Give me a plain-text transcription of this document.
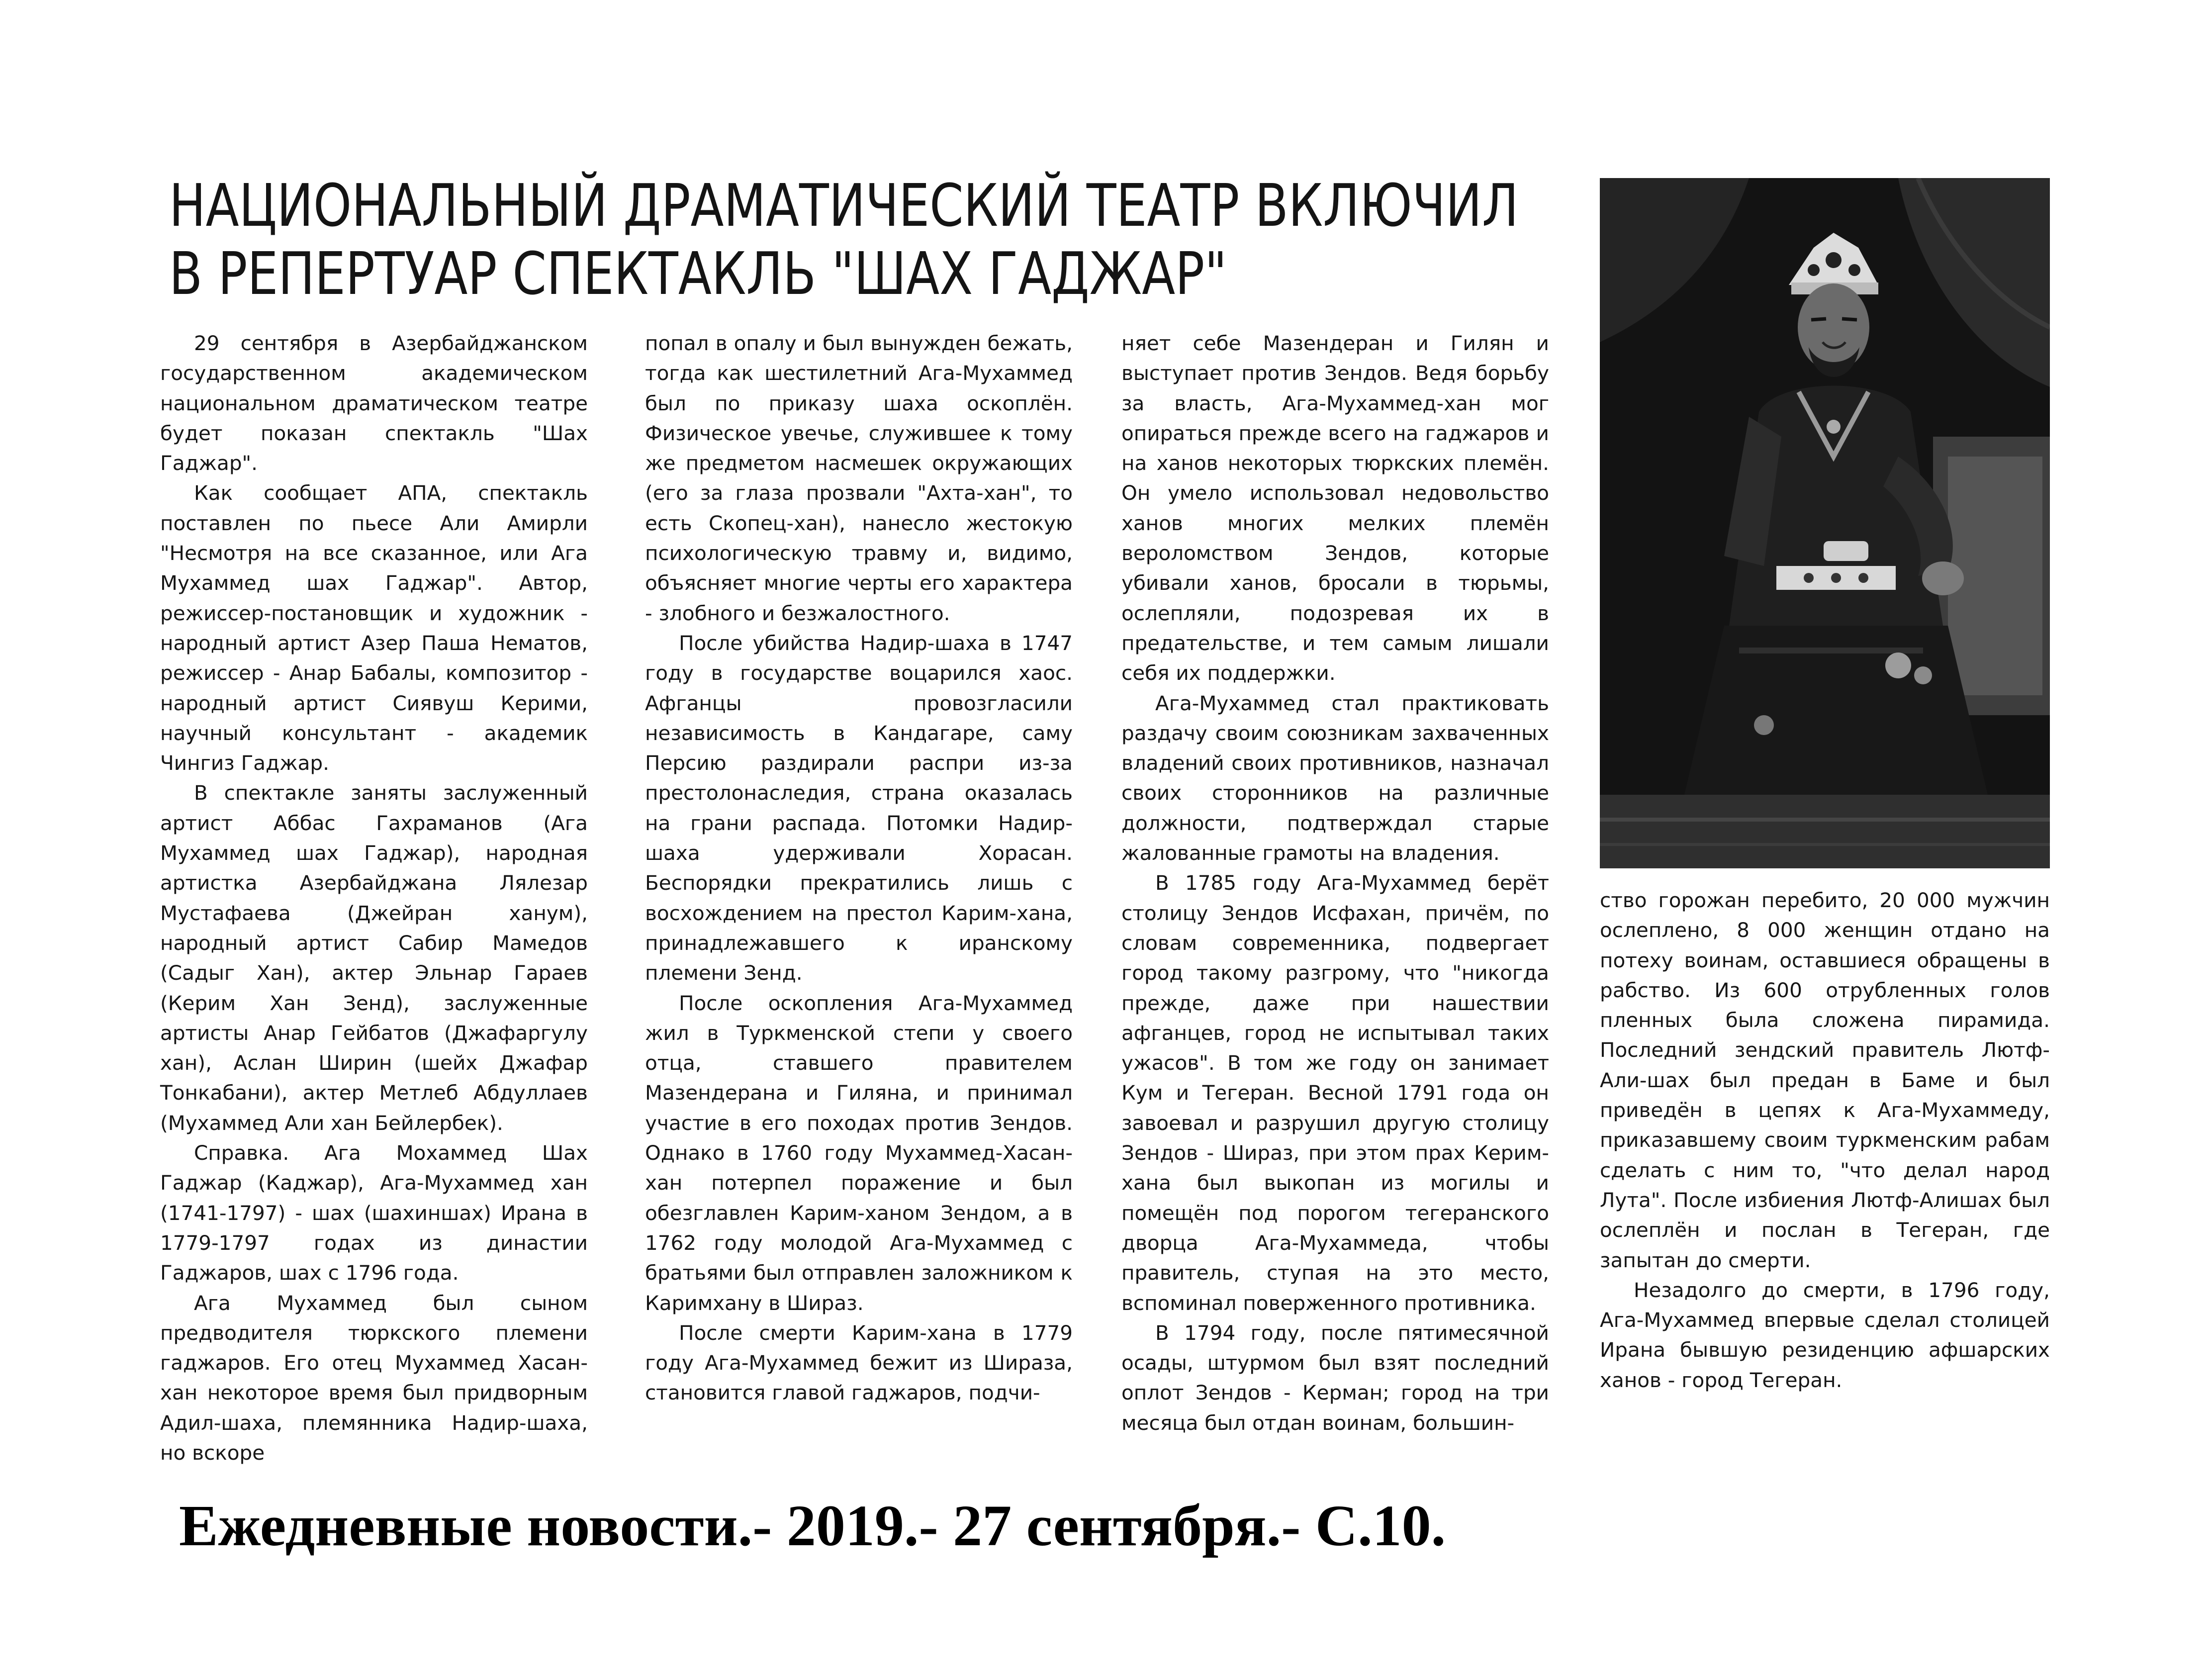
НАЦИОНАЛЬНЫЙ ДРАМАТИЧЕСКИЙ ТЕАТР ВКЛЮЧИЛ
В РЕПЕРТУАР СПЕКТАКЛЬ "ШАХ ГАДЖАР"

29 сентября в Азербайджанском государственном академическом национальном драматическом театре будет показан спектакль "Шах Гаджар".

Как сообщает АПА, спектакль поставлен по пьесе Али Амирли "Несмотря на все сказанное, или Ага Мухаммед шах Гаджар". Автор, режиссер-постановщик и художник - народный артист Азер Паша Нематов, режиссер - Анар Бабалы, композитор - народный артист Сиявуш Керими, научный консультант - академик Чингиз Гаджар.

В спектакле заняты заслуженный артист Аббас Гахраманов (Ага Мухаммед шах Гаджар), народная артистка Азербайджана Лялезар Мустафаева (Джейран ханум), народный артист Сабир Мамедов (Садыг Хан), актер Эльнар Гараев (Керим Хан Зенд), заслуженные артисты Анар Гейбатов (Джафаргулу хан), Аслан Ширин (шейх Джафар Тонкабани), актер Метлеб Абдуллаев (Мухаммед Али хан Бейлербек).

Справка. Ага Мохаммед Шах Гаджар (Каджар), Ага-Мухаммед хан (1741-1797) - шах (шахиншах) Ирана в 1779-1797 годах из династии Гаджаров, шах с 1796 года.

Ага Мухаммед был сыном предводителя тюркского племени гаджаров. Его отец Мухаммед Хасан-хан некоторое время был придворным Адил-шаха, племянника Надир-шаха, но вскоре

попал в опалу и был вынужден бежать, тогда как шестилетний Ага-Мухаммед был по приказу шаха оскоплён. Физическое увечье, служившее к тому же предметом насмешек окружающих (его за глаза прозвали "Ахта-хан", то есть Скопец-хан), нанесло жестокую психологическую травму и, видимо, объясняет многие черты его характера - злобного и безжалостного.

После убийства Надир-шаха в 1747 году в государстве воцарился хаос. Афганцы провозгласили независимость в Кандагаре, саму Персию раздирали распри из-за престолонаследия, страна оказалась на грани распада. Потомки Надир-шаха удерживали Хорасан. Беспорядки прекратились лишь с восхождением на престол Карим-хана, принадлежавшего к иранскому племени Зенд.

После оскопления Ага-Мухаммед жил в Туркменской степи у своего отца, ставшего правителем Мазендерана и Гиляна, и принимал участие в его походах против Зендов. Однако в 1760 году Мухаммед-Хасан-хан потерпел поражение и был обезглавлен Карим-ханом Зендом, а в 1762 году молодой Ага-Мухаммед с братьями был отправлен заложником к Каримхану в Шираз.

После смерти Карим-хана в 1779 году Ага-Мухаммед бежит из Шираза, становится главой гаджаров, подчи-

няет себе Мазендеран и Гилян и выступает против Зендов. Ведя борьбу за власть, Ага-Мухаммед-хан мог опираться прежде всего на гаджаров и на ханов некоторых тюркских племён. Он умело использовал недовольство ханов многих мелких племён вероломством Зендов, которые убивали ханов, бросали в тюрьмы, ослепляли, подозревая их в предательстве, и тем самым лишали себя их поддержки.

Ага-Мухаммед стал практиковать раздачу своим союзникам захваченных владений своих противников, назначал своих сторонников на различные должности, подтверждал старые жалованные грамоты на владения.

В 1785 году Ага-Мухаммед берёт столицу Зендов Исфахан, причём, по словам современника, подвергает город такому разгрому, что "никогда прежде, даже при нашествии афганцев, город не испытывал таких ужасов". В том же году он занимает Кум и Тегеран. Весной 1791 года он завоевал и разрушил другую столицу Зендов - Шираз, при этом прах Керим-хана был выкопан из могилы и помещён под порогом тегеранского дворца Ага-Мухаммеда, чтобы правитель, ступая на это место, вспоминал поверженного противника.

В 1794 году, после пятимесячной осады, штурмом был взят последний оплот Зендов - Керман; город на три месяца был отдан воинам, большин-

ство горожан перебито, 20 000 мужчин ослеплено, 8 000 женщин отдано на потеху воинам, оставшиеся обращены в рабство. Из 600 отрубленных голов пленных была сложена пирамида. Последний зендский правитель Лютф-Али-шах был предан в Баме и был приведён в цепях к Ага-Мухаммеду, приказавшему своим туркменским рабам сделать с ним то, "что делал народ Лута". После избиения Лютф-Алишах был ослеплён и послан в Тегеран, где запытан до смерти.

Незадолго до смерти, в 1796 году, Ага-Мухаммед впервые сделал столицей Ирана бывшую резиденцию афшарских ханов - город Тегеран.

Ежедневные новости.- 2019.- 27 сентября.- С.10.
